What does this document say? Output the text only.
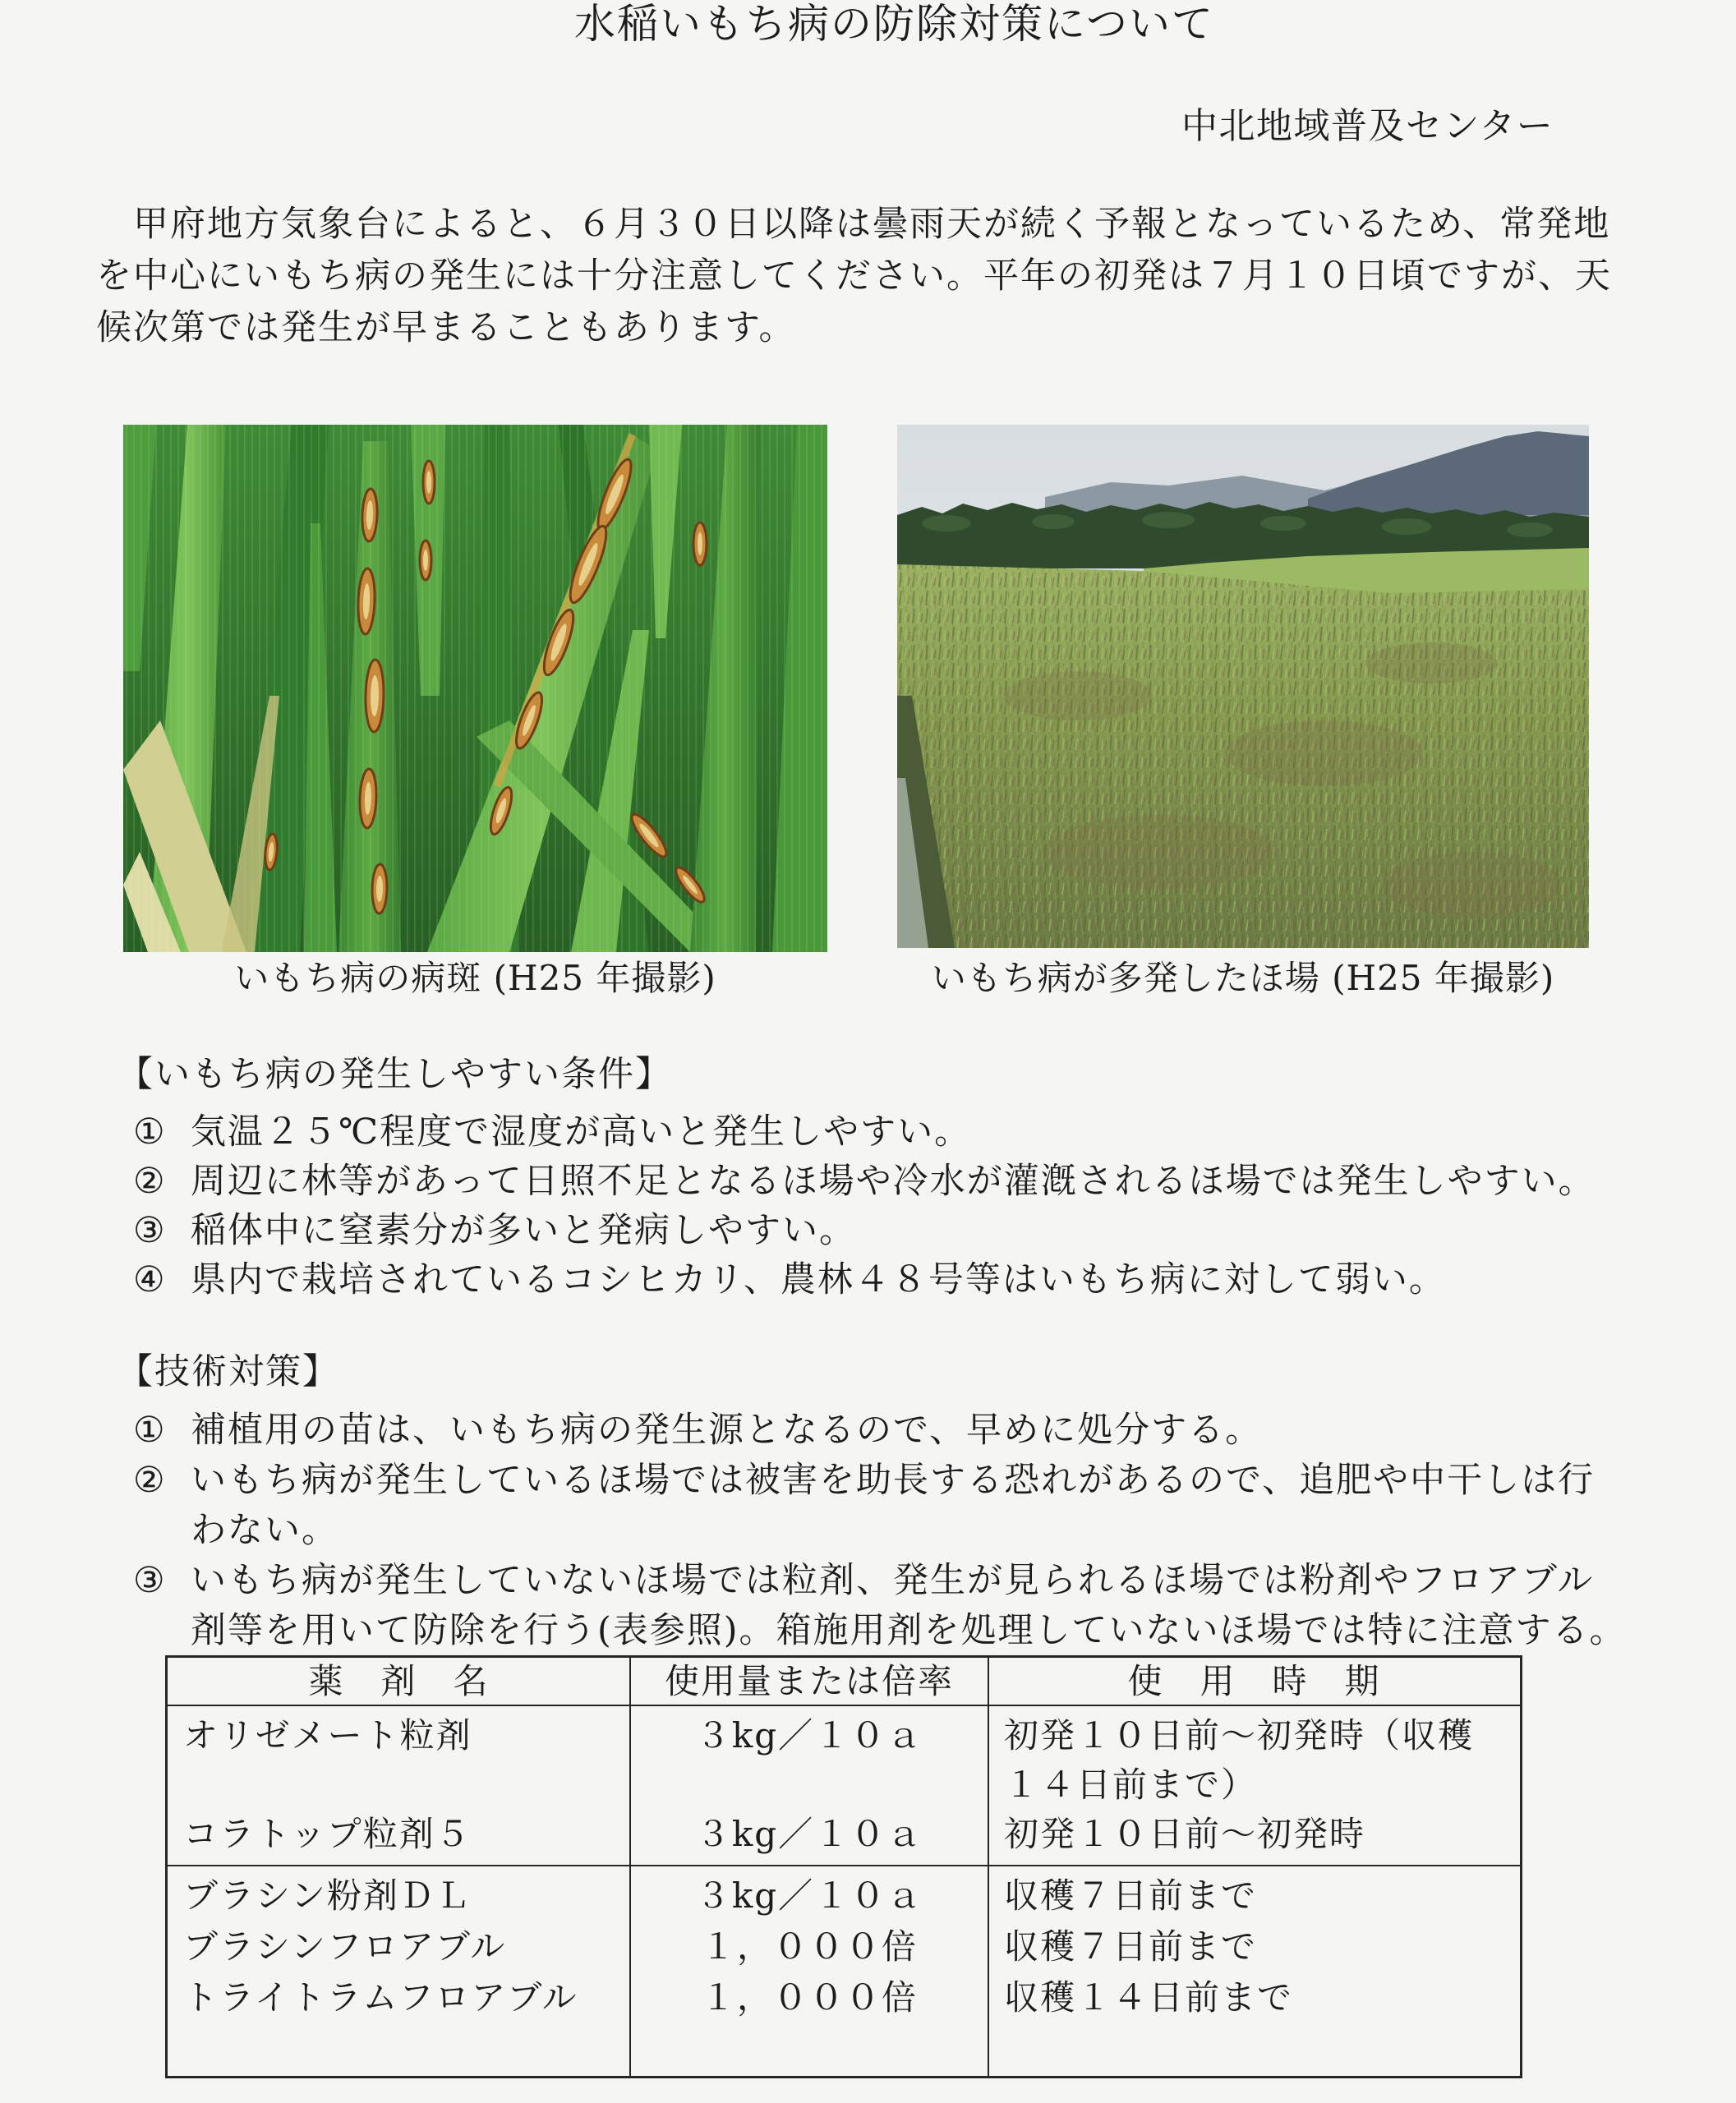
水稲いもち病の防除対策について
中北地域普及センター
甲府地方気象台によると、６月３０日以降は曇雨天が続く予報となっているため、常発地
を中心にいもち病の発生には十分注意してください。平年の初発は７月１０日頃ですが、天
候次第では発生が早まることもあります。
いもち病の病斑 (H25 年撮影)	いもち病が多発したほ場 (H25 年撮影)
【いもち病の発生しやすい条件】
① 気温２５℃程度で湿度が高いと発生しやすい。
② 周辺に林等があって日照不足となるほ場や冷水が灌漑されるほ場では発生しやすい。
③ 稲体中に窒素分が多いと発病しやすい。
④ 県内で栽培されているコシヒカリ、農林４８号等はいもち病に対して弱い。
【技術対策】
① 補植用の苗は、いもち病の発生源となるので、早めに処分する。
② いもち病が発生しているほ場では被害を助長する恐れがあるので、追肥や中干しは行
わない。
③ いもち病が発生していないほ場では粒剤、発生が見られるほ場では粉剤やフロアブル
剤等を用いて防除を行う(表参照)。箱施用剤を処理していないほ場では特に注意する。
薬　剤　名	使用量または倍率	使　用　時　期
オリゼメート粒剤	３kg／１０ａ	初発１０日前～初発時（収穫
１４日前まで）
コラトップ粒剤５	３kg／１０ａ	初発１０日前～初発時
ブラシン粉剤ＤＬ	３kg／１０ａ	収穫７日前まで
ブラシンフロアブル	１，０００倍	収穫７日前まで
トライトラムフロアブル	１，０００倍	収穫１４日前まで
